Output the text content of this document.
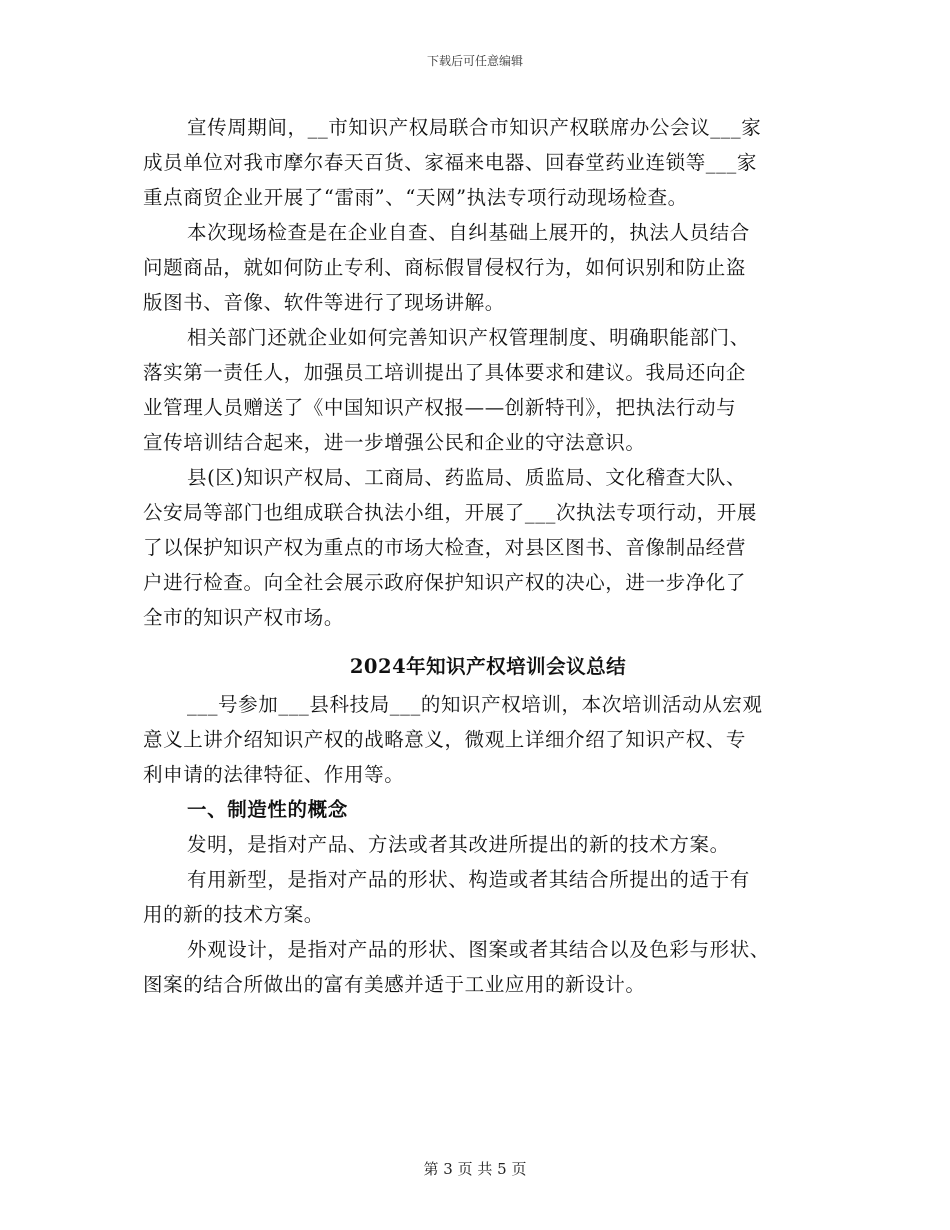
下载后可任意编辑

宣传周期间，__市知识产权局联合市知识产权联席办公会议___家
成员单位对我市摩尔春天百货、家福来电器、回春堂药业连锁等___家
重点商贸企业开展了“雷雨”、“天网”执法专项行动现场检查。

本次现场检查是在企业自查、自纠基础上展开的，执法人员结合
问题商品，就如何防止专利、商标假冒侵权行为，如何识别和防止盗
版图书、音像、软件等进行了现场讲解。

相关部门还就企业如何完善知识产权管理制度、明确职能部门、
落实第一责任人，加强员工培训提出了具体要求和建议。我局还向企
业管理人员赠送了《中国知识产权报——创新特刊》，把执法行动与
宣传培训结合起来，进一步增强公民和企业的守法意识。

县(区)知识产权局、工商局、药监局、质监局、文化稽查大队、
公安局等部门也组成联合执法小组，开展了___次执法专项行动，开展
了以保护知识产权为重点的市场大检查，对县区图书、音像制品经营
户进行检查。向全社会展示政府保护知识产权的决心，进一步净化了
全市的知识产权市场。

2024年知识产权培训会议总结

___号参加___县科技局___的知识产权培训，本次培训活动从宏观
意义上讲介绍知识产权的战略意义，微观上详细介绍了知识产权、专
利申请的法律特征、作用等。

一、制造性的概念

发明，是指对产品、方法或者其改进所提出的新的技术方案。

有用新型，是指对产品的形状、构造或者其结合所提出的适于有
用的新的技术方案。

外观设计，是指对产品的形状、图案或者其结合以及色彩与形状、
图案的结合所做出的富有美感并适于工业应用的新设计。

第 3 页 共 5 页
